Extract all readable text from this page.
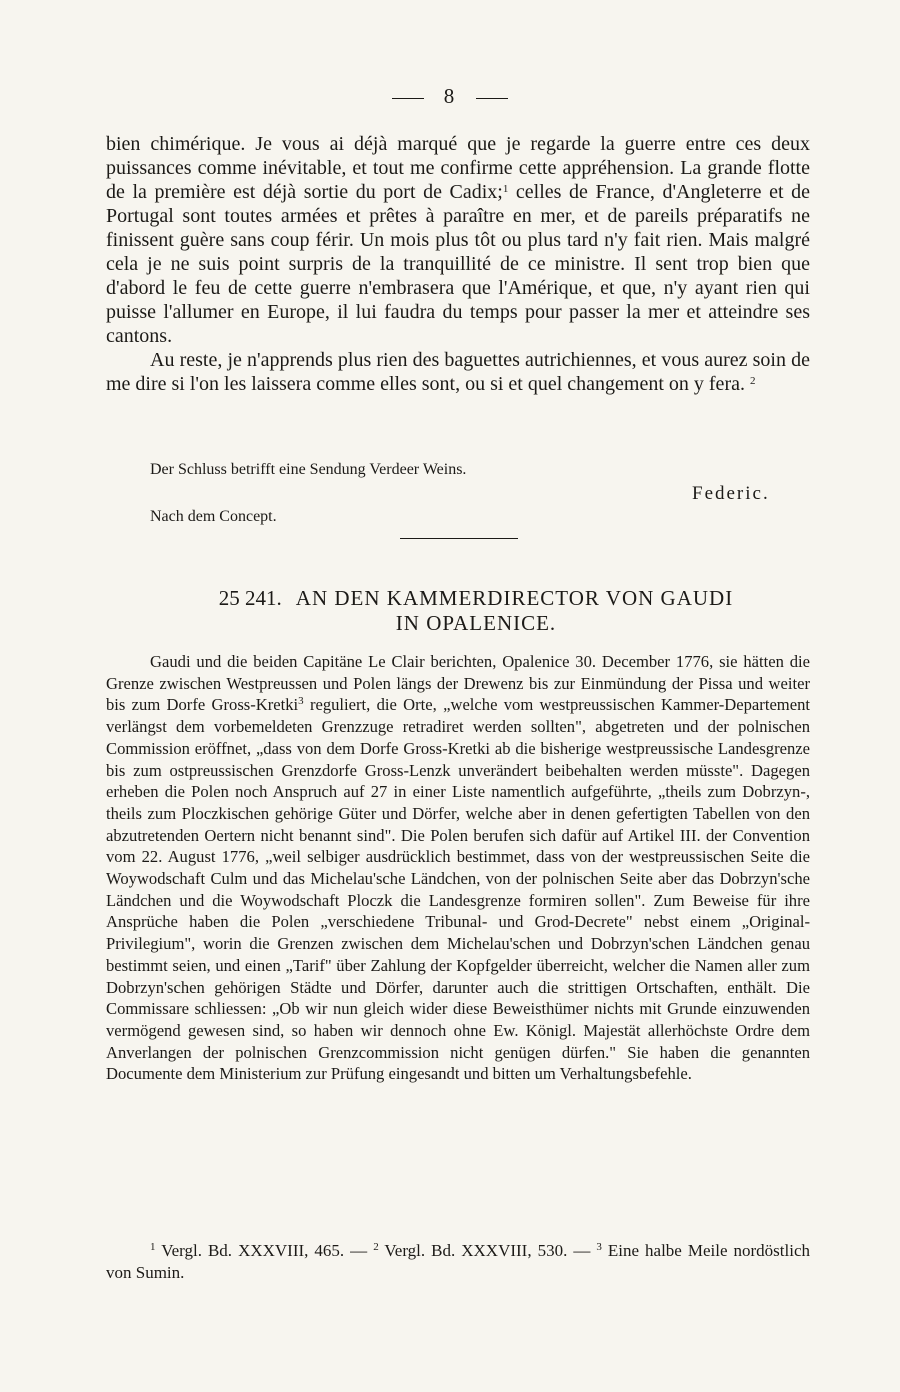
8

bien chimérique. Je vous ai déjà marqué que je regarde la guerre entre ces deux puissances comme inévitable, et tout me confirme cette appréhension. La grande flotte de la première est déjà sortie du port de Cadix;$^1$ celles de France, d'Angleterre et de Portugal sont toutes armées et prêtes à paraître en mer, et de pareils préparatifs ne finissent guère sans coup férir. Un mois plus tôt ou plus tard n'y fait rien. Mais malgré cela je ne suis point surpris de la tranquillité de ce ministre. Il sent trop bien que d'abord le feu de cette guerre n'embrasera que l'Amérique, et que, n'y ayant rien qui puisse l'allumer en Europe, il lui faudra du temps pour passer la mer et atteindre ses cantons.

Au reste, je n'apprends plus rien des baguettes autrichiennes, et vous aurez soin de me dire si l'on les laissera comme elles sont, ou si et quel changement on y fera. $^2$

Der Schluss betrifft eine Sendung Verdeer Weins.
Federic.
Nach dem Concept.
25 241. AN DEN KAMMERDIRECTOR VON GAUDI
IN OPALENICE.

Gaudi und die beiden Capitäne Le Clair berichten, Opalenice 30. December 1776, sie hätten die Grenze zwischen Westpreussen und Polen längs der Drewenz bis zur Einmündung der Pissa und weiter bis zum Dorfe Gross-Kretki$^3$ reguliert, die Orte, „welche vom westpreussischen Kammer-Departement verlängst dem vorbemeldeten Grenzzuge retradiret werden sollten", abgetreten und der polnischen Commission eröffnet, „dass von dem Dorfe Gross-Kretki ab die bisherige westpreussische Landesgrenze bis zum ostpreussischen Grenzdorfe Gross-Lenzk unverändert beibehalten werden müsste". Dagegen erheben die Polen noch Anspruch auf 27 in einer Liste namentlich aufgeführte, „theils zum Dobrzyn-, theils zum Ploczkischen gehörige Güter und Dörfer, welche aber in denen gefertigten Tabellen von den abzutretenden Oertern nicht benannt sind". Die Polen berufen sich dafür auf Artikel III. der Convention vom 22. August 1776, „weil selbiger ausdrücklich bestimmet, dass von der westpreussischen Seite die Woywodschaft Culm und das Michelau'sche Ländchen, von der polnischen Seite aber das Dobrzyn'sche Ländchen und die Woywodschaft Ploczk die Landesgrenze formiren sollen". Zum Beweise für ihre Ansprüche haben die Polen „verschiedene Tribunal- und Grod-Decrete" nebst einem „Original-Privilegium", worin die Grenzen zwischen dem Michelau'schen und Dobrzyn'schen Ländchen genau bestimmt seien, und einen „Tarif" über Zahlung der Kopfgelder überreicht, welcher die Namen aller zum Dobrzyn'schen gehörigen Städte und Dörfer, darunter auch die strittigen Ortschaften, enthält. Die Commissare schliessen: „Ob wir nun gleich wider diese Beweisthümer nichts mit Grunde einzuwenden vermögend gewesen sind, so haben wir dennoch ohne Ew. Königl. Majestät allerhöchste Ordre dem Anverlangen der polnischen Grenzcommission nicht genügen dürfen." Sie haben die genannten Documente dem Ministerium zur Prüfung eingesandt und bitten um Verhaltungsbefehle.

$^1$ Vergl. Bd. XXXVIII, 465. — $^2$ Vergl. Bd. XXXVIII, 530. — $^3$ Eine halbe Meile nordöstlich von Sumin.
